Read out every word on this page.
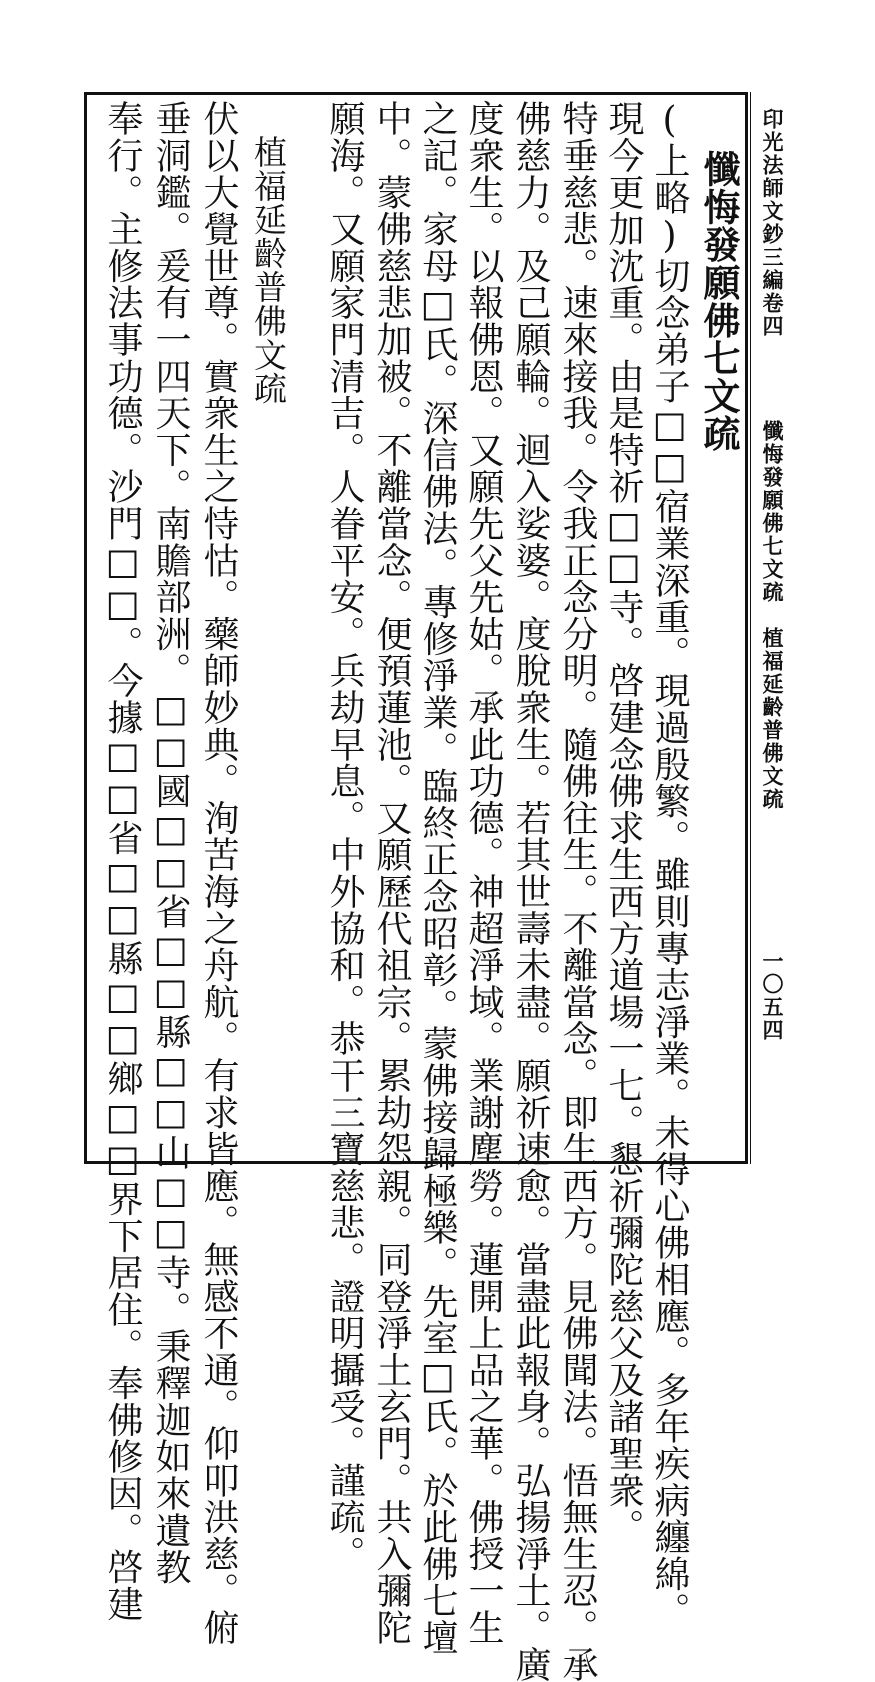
印光法師文鈔三編卷四
懺悔發願佛七文疏　植福延齡普佛文疏
一〇五四
懺悔發願佛七文疏
(上略)切念弟子□□宿業深重。現過殷繁。雖則專志淨業。未得心佛相應。多年疾病纏綿。
現今更加沈重。由是特祈□□寺。啓建念佛求生西方道場一七。懇祈彌陀慈父及諸聖衆。
特垂慈悲。速來接我。令我正念分明。隨佛往生。不離當念。即生西方。見佛聞法。悟無生忍。承
佛慈力。及己願輪。迴入娑婆。度脫衆生。若其世壽未盡。願祈速愈。當盡此報身。弘揚淨土。廣
度衆生。以報佛恩。又願先父先姑。承此功德。神超淨域。業謝塵勞。蓮開上品之華。佛授一生
之記。家母□氏。深信佛法。專修淨業。臨終正念昭彰。蒙佛接歸極樂。先室□氏。於此佛七壇
中。蒙佛慈悲加被。不離當念。便預蓮池。又願歷代祖宗。累劫怨親。同登淨土玄門。共入彌陀
願海。又願家門清吉。人眷平安。兵劫早息。中外協和。恭干三寶慈悲。證明攝受。謹疏。
植福延齡普佛文疏
伏以大覺世尊。實衆生之恃怙。藥師妙典。洵苦海之舟航。有求皆應。無感不通。仰叩洪慈。俯
垂洞鑑。爰有一四天下。南贍部洲。□□國□□省□□縣□□山□□寺。秉釋迦如來遺教
奉行。主修法事功德。沙門□□。今據□□省□□縣□□鄉□□界下居住。奉佛修因。啓建
